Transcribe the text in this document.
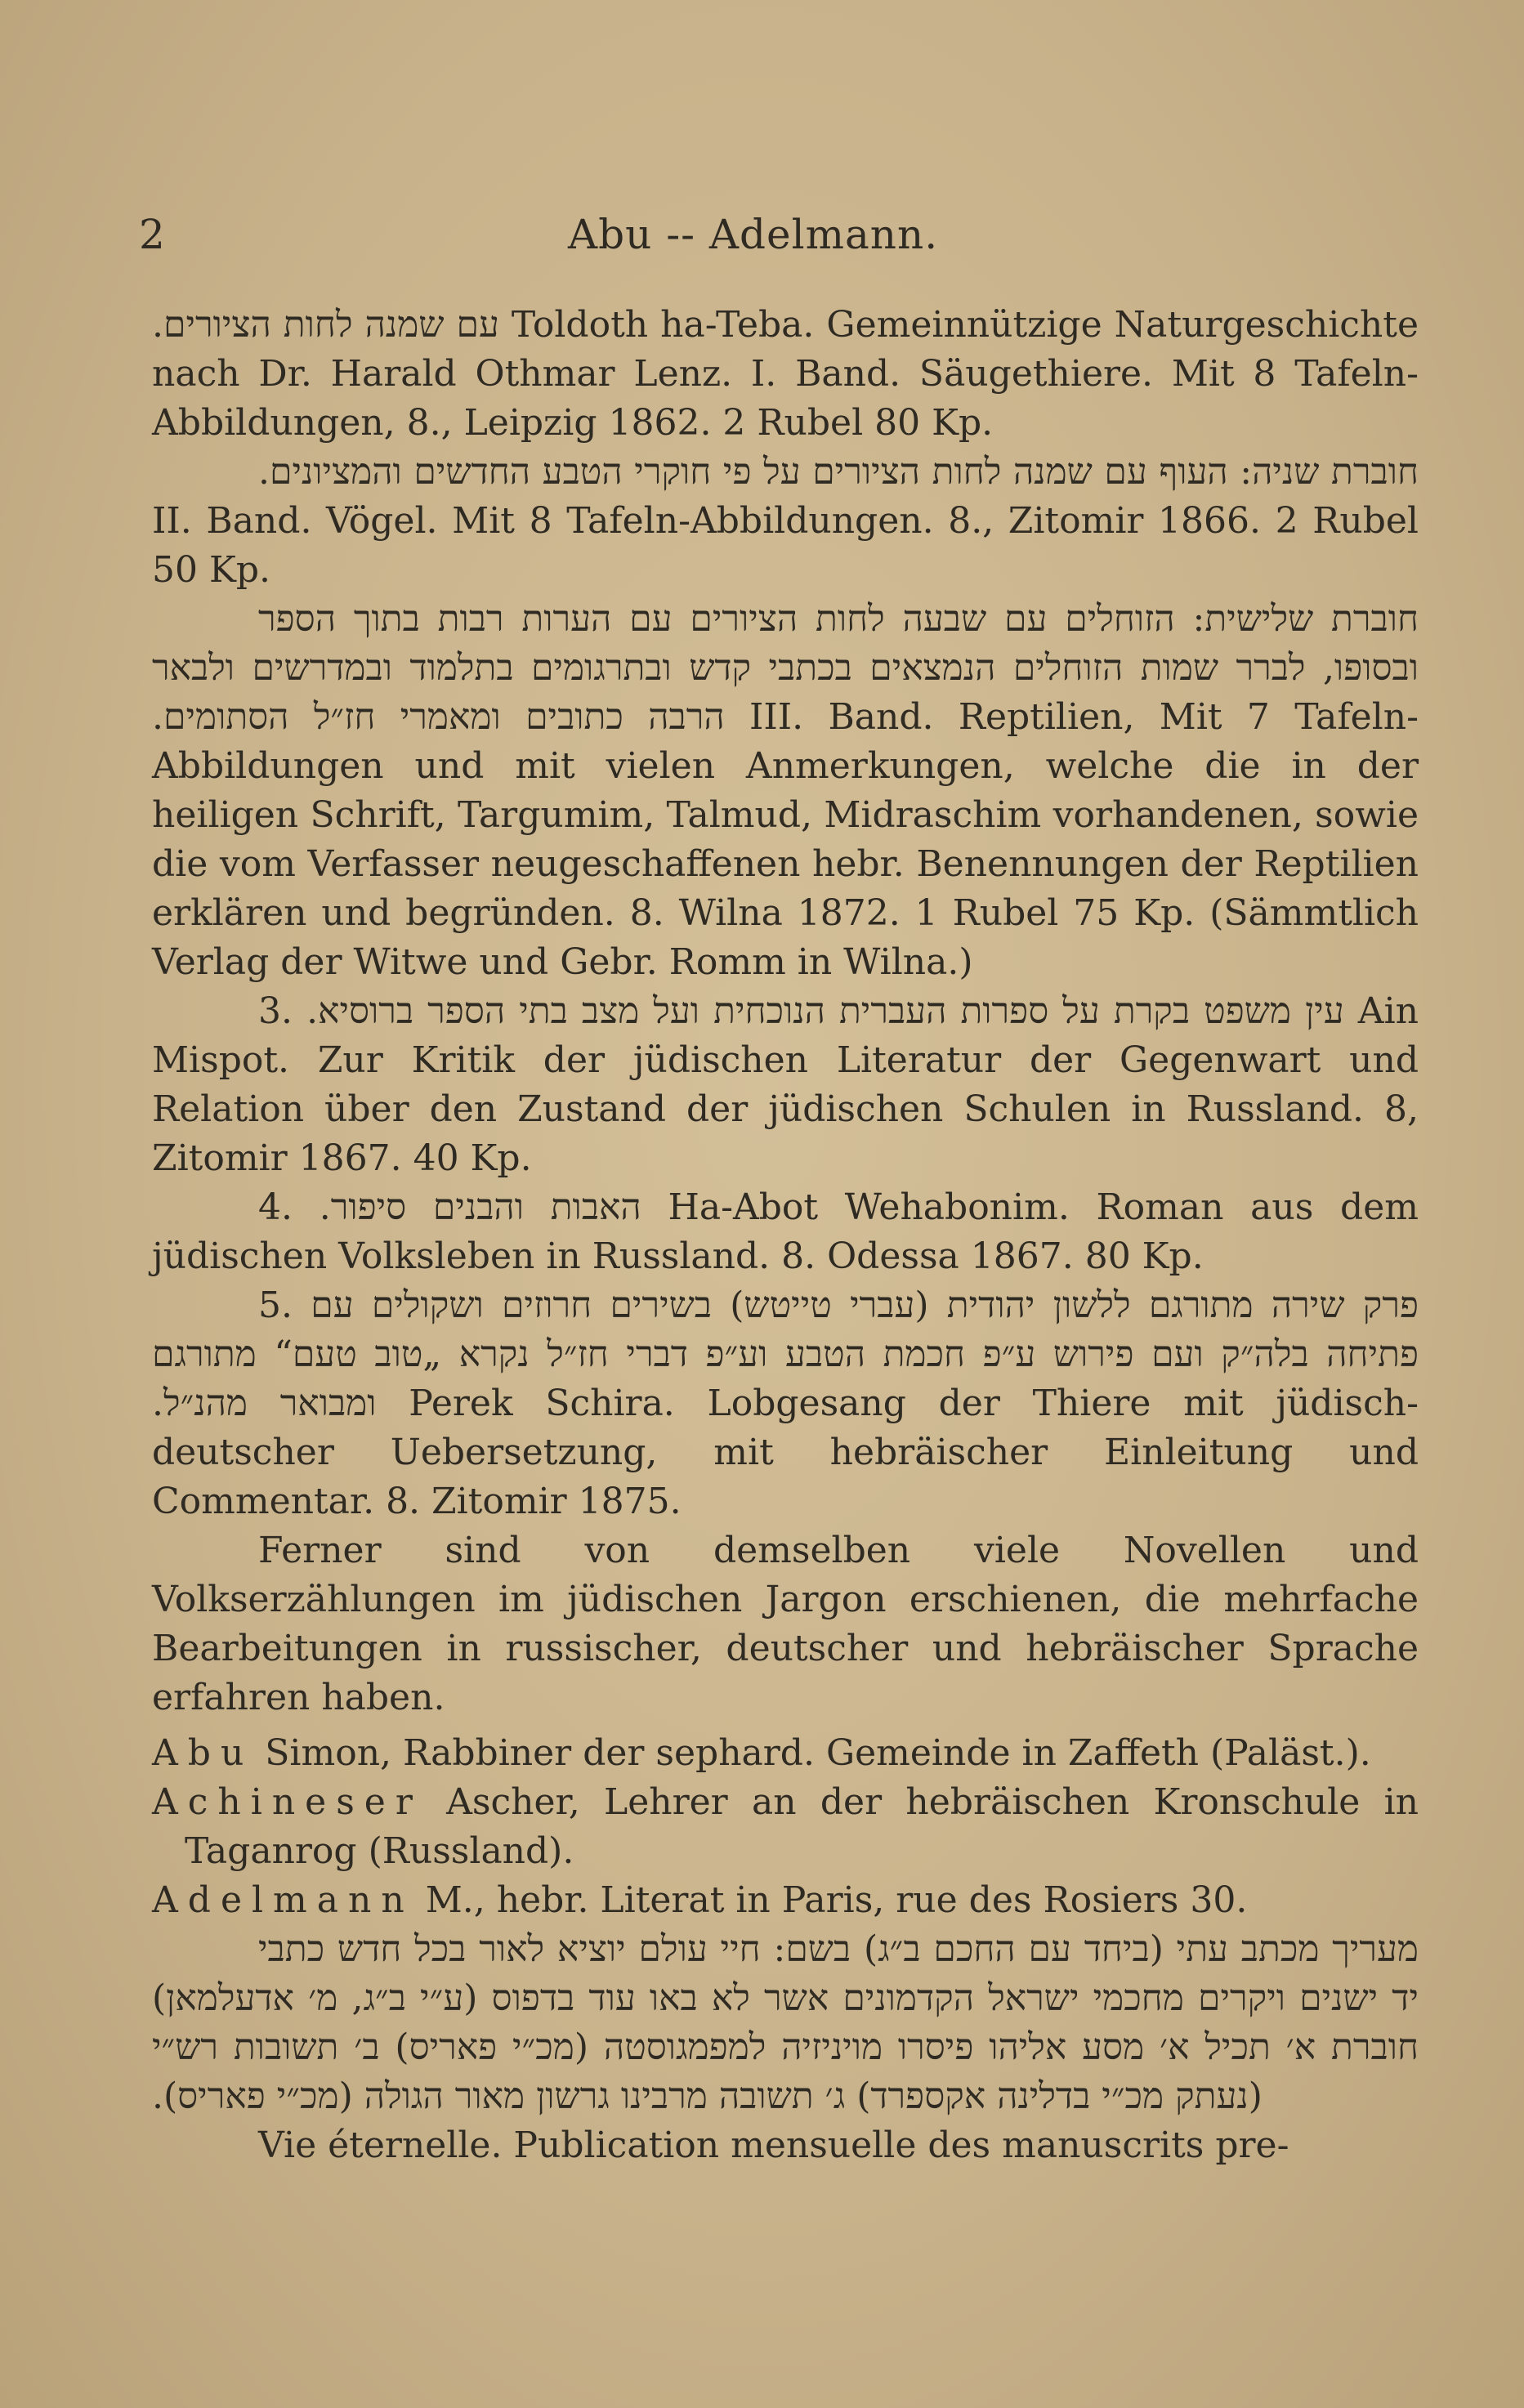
2	Abu -- Adelmann.

עם שמנה לחות הציורים. Toldoth ha-Teba. Gemeinnützige Naturgeschichte nach Dr. Harald Othmar Lenz. I. Band. Säugethiere. Mit 8 Tafeln-Abbildungen, 8., Leipzig 1862. 2 Rubel 80 Kp.

חוברת שניה: העוף עם שמנה לחות הציורים על פי חוקרי הטבע החדשים והמציונים. II. Band. Vögel. Mit 8 Tafeln-Abbildungen. 8., Zitomir 1866. 2 Rubel 50 Kp.

חוברת שלישית: הזוחלים עם שבעה לחות הציורים עם הערות רבות בתוך הספר ובסופו, לברר שמות הזוחלים הנמצאים בכתבי קדש ובתרגומים בתלמוד ובמדרשים ולבאר הרבה כתובים ומאמרי חז״ל הסתומים. III. Band. Reptilien, Mit 7 Tafeln-Abbildungen und mit vielen Anmerkungen, welche die in der heiligen Schrift, Targumim, Talmud, Midraschim vorhandenen, sowie die vom Verfasser neugeschaffenen hebr. Benennungen der Reptilien erklären und begründen. 8. Wilna 1872. 1 Rubel 75 Kp. (Sämmtlich Verlag der Witwe und Gebr. Romm in Wilna.)

3. עין משפט בקרת על ספרות העברית הנוכחית ועל מצב בתי הספר ברוסיא. Ain Mispot. Zur Kritik der jüdischen Literatur der Gegenwart und Relation über den Zustand der jüdischen Schulen in Russland. 8, Zitomir 1867. 40 Kp.

4. האבות והבנים סיפור. Ha-Abot Wehabonim. Roman aus dem jüdischen Volksleben in Russland. 8. Odessa 1867. 80 Kp.

5. פרק שירה מתורגם ללשון יהודית (עברי טייטש) בשירים חרוזים ושקולים עם פתיחה בלה״ק ועם פירוש ע״פ חכמת הטבע וע״פ דברי חז״ל נקרא „טוב טעם“ מתורגם ומבואר מהנ״ל. Perek Schira. Lobgesang der Thiere mit jüdisch-deutscher Uebersetzung, mit hebräischer Einleitung und Commentar. 8. Zitomir 1875.

Ferner sind von demselben viele Novellen und Volkserzählungen im jüdischen Jargon erschienen, die mehrfache Bearbeitungen in russischer, deutscher und hebräischer Sprache erfahren haben.

Abu Simon, Rabbiner der sephard. Gemeinde in Zaffeth (Paläst.).

Achineser Ascher, Lehrer an der hebräischen Kronschule in Taganrog (Russland).

Adelmann M., hebr. Literat in Paris, rue des Rosiers 30.

מעריך מכתב עתי (ביחד עם החכם ב״ג) בשם: חיי עולם יוציא לאור בכל חדש כתבי יד ישנים ויקרים מחכמי ישראל הקדמונים אשר לא באו עוד בדפוס (ע״י ב״ג, מ׳ אדעלמאן) חוברת א׳ תכיל א׳ מסע אליהו פיסרו מויניזיה למפמגוסטה (מכ״י פאריס) ב׳ תשובות רש״י (נעתק מכ״י בדלינה אקספרד) ג׳ תשובה מרבינו גרשון מאור הגולה (מכ״י פאריס).

Vie éternelle. Publication mensuelle des manuscrits pre-
